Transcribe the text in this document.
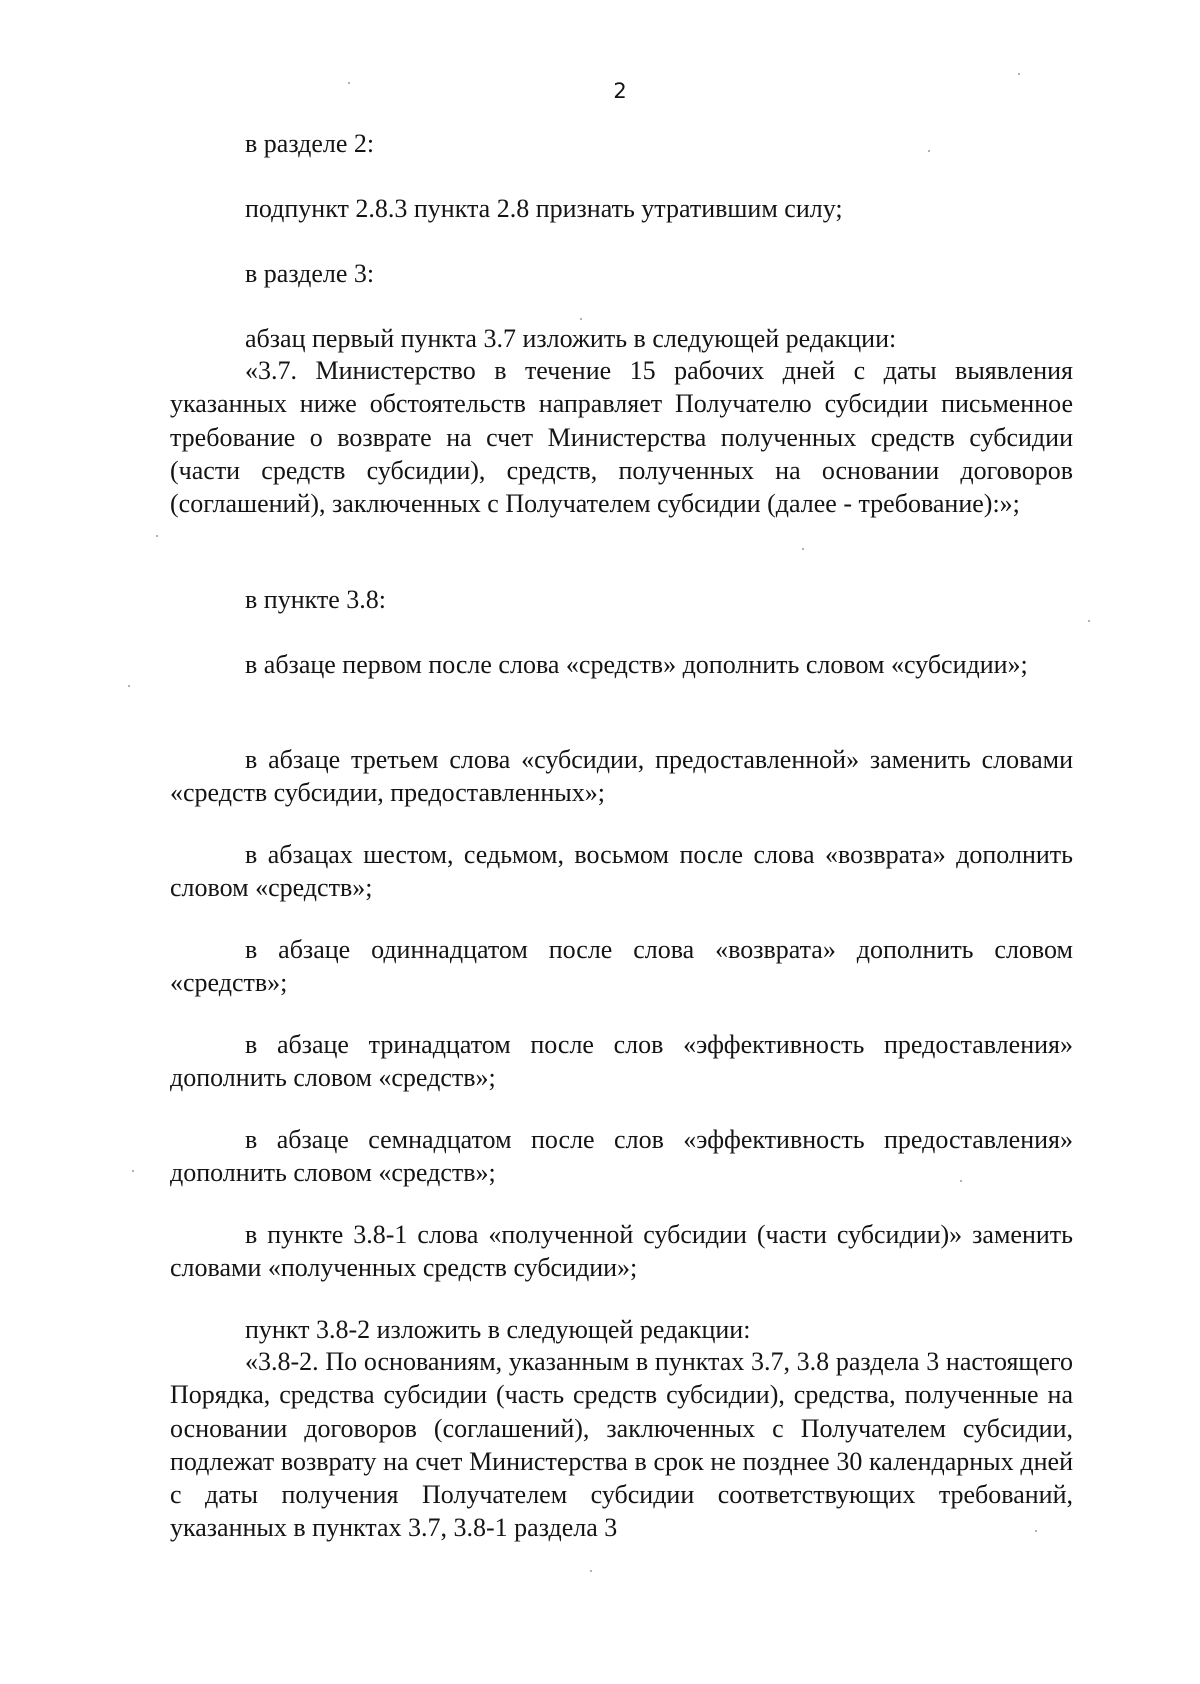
2

в разделе 2:

подпункт 2.8.3 пункта 2.8 признать утратившим силу;

в разделе 3:

абзац первый пункта 3.7 изложить в следующей редакции:

«3.7. Министерство в течение 15 рабочих дней с даты выявления указанных ниже обстоятельств направляет Получателю субсидии письменное требование о возврате на счет Министерства полученных средств субсидии (части средств субсидии), средств, полученных на основании договоров (соглашений), заключенных с Получателем субсидии (далее - требование):»;

в пункте 3.8:

в абзаце первом после слова «средств» дополнить словом «субсидии»;

в абзаце третьем слова «субсидии, предоставленной» заменить словами «средств субсидии, предоставленных»;

в абзацах шестом, седьмом, восьмом после слова «возврата» дополнить словом «средств»;

в абзаце одиннадцатом после слова «возврата» дополнить словом «средств»;

в абзаце тринадцатом после слов «эффективность предоставления» дополнить словом «средств»;

в абзаце семнадцатом после слов «эффективность предоставления» дополнить словом «средств»;

в пункте 3.8-1 слова «полученной субсидии (части субсидии)» заменить словами «полученных средств субсидии»;

пункт 3.8-2 изложить в следующей редакции:

«3.8-2. По основаниям, указанным в пунктах 3.7, 3.8 раздела 3 настоящего Порядка, средства субсидии (часть средств субсидии), средства, полученные на основании договоров (соглашений), заключенных с Получателем субсидии, подлежат возврату на счет Министерства в срок не позднее 30 календарных дней с даты получения Получателем субсидии соответствующих требований, указанных в пунктах 3.7, 3.8-1 раздела 3
